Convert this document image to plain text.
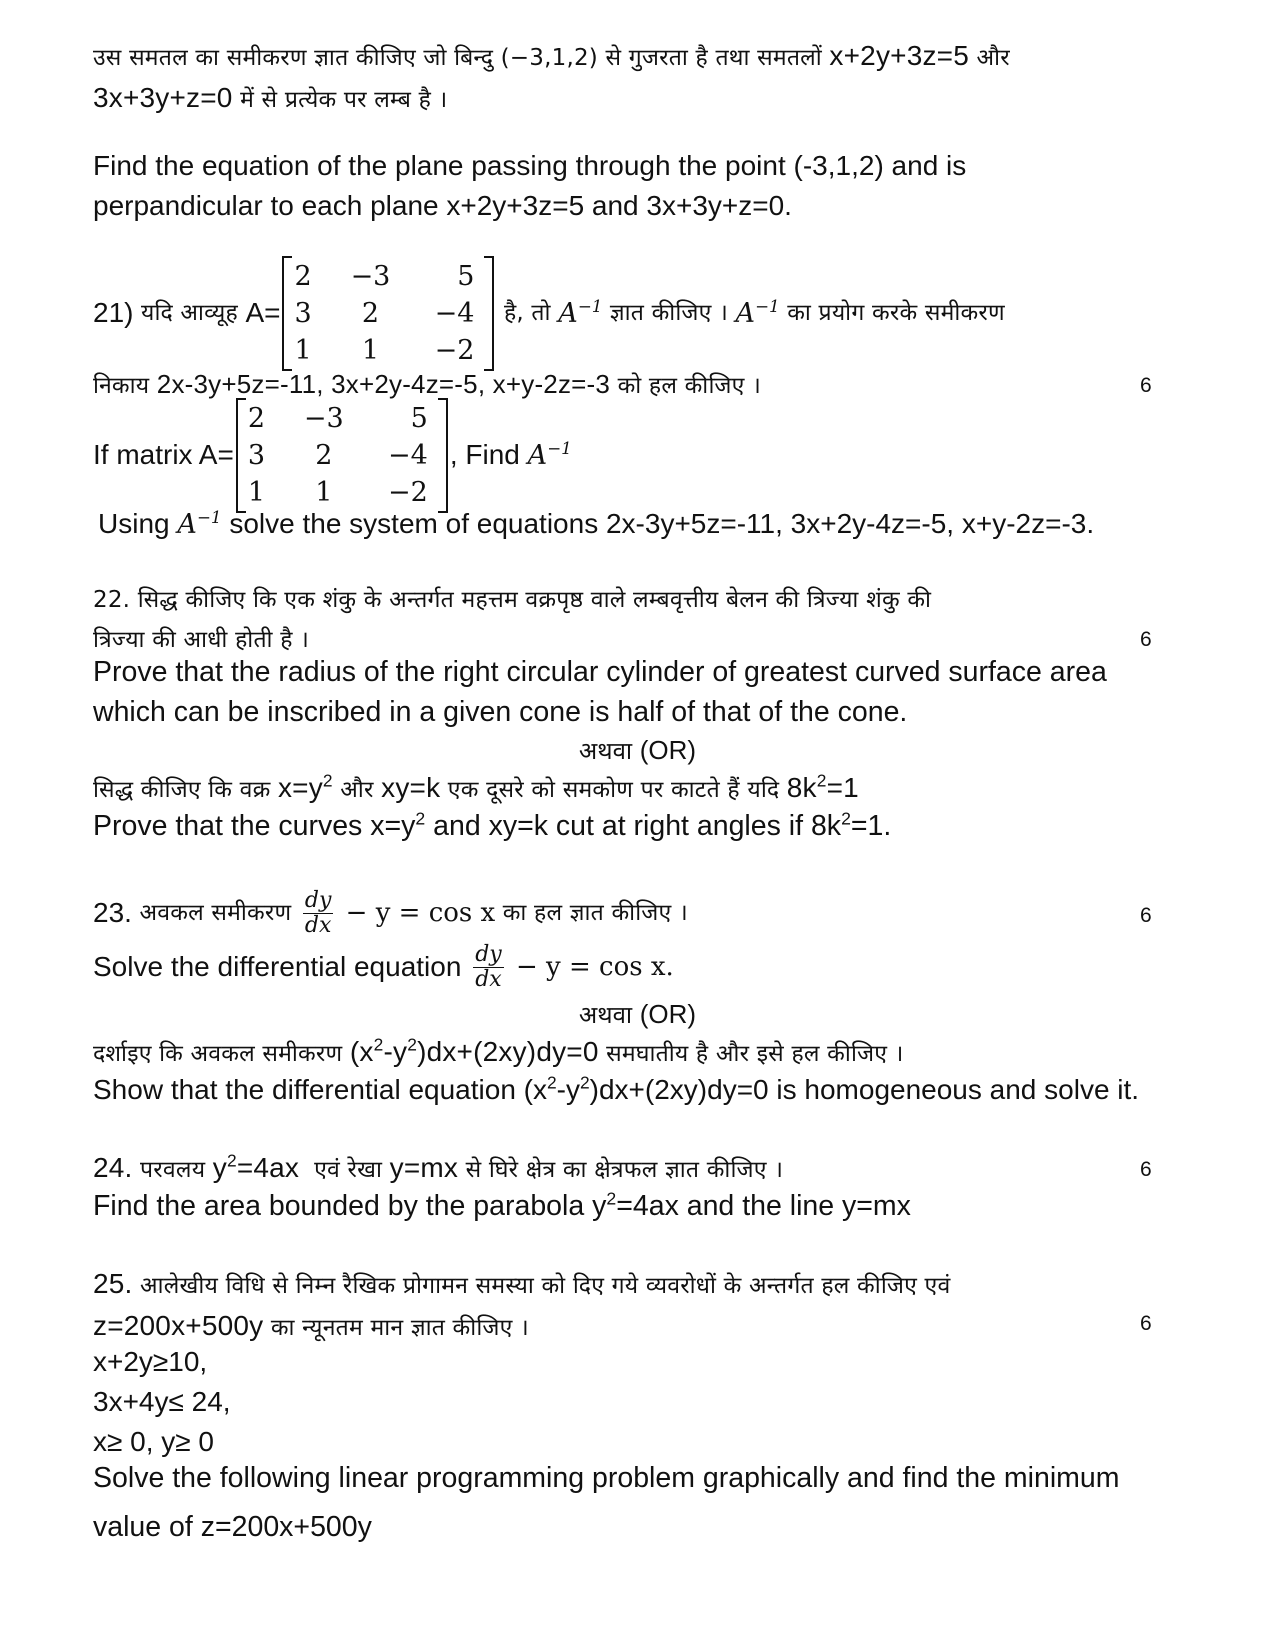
उस समतल का समीकरण ज्ञात कीजिए जो बिन्दु (−3,1,2) से गुजरता है तथा समतलों x+2y+3z=5 और
3x+3y+z=0 में से प्रत्येक पर लम्ब है ।
Find the equation of the plane passing through the point (-3,1,2) and is
perpandicular to each plane x+2y+3z=5 and 3x+3y+z=0.
21) यदि आव्यूह A=
2	−3	5
3	2	−4
1	1	−2
है, तो $A^{-1}$ ज्ञात कीजिए । $A^{-1}$ का प्रयोग करके समीकरण
निकाय 2x-3y+5z=-11, 3x+2y-4z=-5, x+y-2z=-3 को हल कीजिए ।	6
If matrix A=
2	−3	5
3	2	−4
1	1	−2
, Find $A^{-1}$
Using $A^{-1}$ solve the system of equations 2x-3y+5z=-11, 3x+2y-4z=-5, x+y-2z=-3.
22. सिद्ध कीजिए कि एक शंकु के अन्तर्गत महत्तम वक्रपृष्ठ वाले लम्बवृत्तीय बेलन की त्रिज्या शंकु की
त्रिज्या की आधी होती है ।	6
Prove that the radius of the right circular cylinder of greatest curved surface area
which can be inscribed in a given cone is half of that of the cone.
अथवा (OR)
सिद्ध कीजिए कि वक्र $x=y^2$ और xy=k एक दूसरे को समकोण पर काटते हैं यदि $8k^2=1$
Prove that the curves $x=y^2$ and xy=k cut at right angles if $8k^2=1$.
23. अवकल समीकरण $\frac{dy}{dx} - y = \cos x$ का हल ज्ञात कीजिए ।	6
Solve the differential equation $\frac{dy}{dx} - y = \cos x$.
अथवा (OR)
दर्शाइए कि अवकल समीकरण $(x^2-y^2)dx+(2xy)dy=0$ समघातीय है और इसे हल कीजिए ।
Show that the differential equation $(x^2-y^2)dx+(2xy)dy=0$ is homogeneous and solve it.
24. परवलय $y^2=4ax$  एवं रेखा y=mx से घिरे क्षेत्र का क्षेत्रफल ज्ञात कीजिए ।	6
Find the area bounded by the parabola $y^2=4ax$ and the line y=mx
25. आलेखीय विधि से निम्न रैखिक प्रोगामन समस्या को दिए गये व्यवरोधों के अन्तर्गत हल कीजिए एवं
z=200x+500y का न्यूनतम मान ज्ञात कीजिए ।	6
x+2y≥10,
3x+4y≤ 24,
x≥ 0, y≥ 0
Solve the following linear programming problem graphically and find the minimum
value of z=200x+500y
